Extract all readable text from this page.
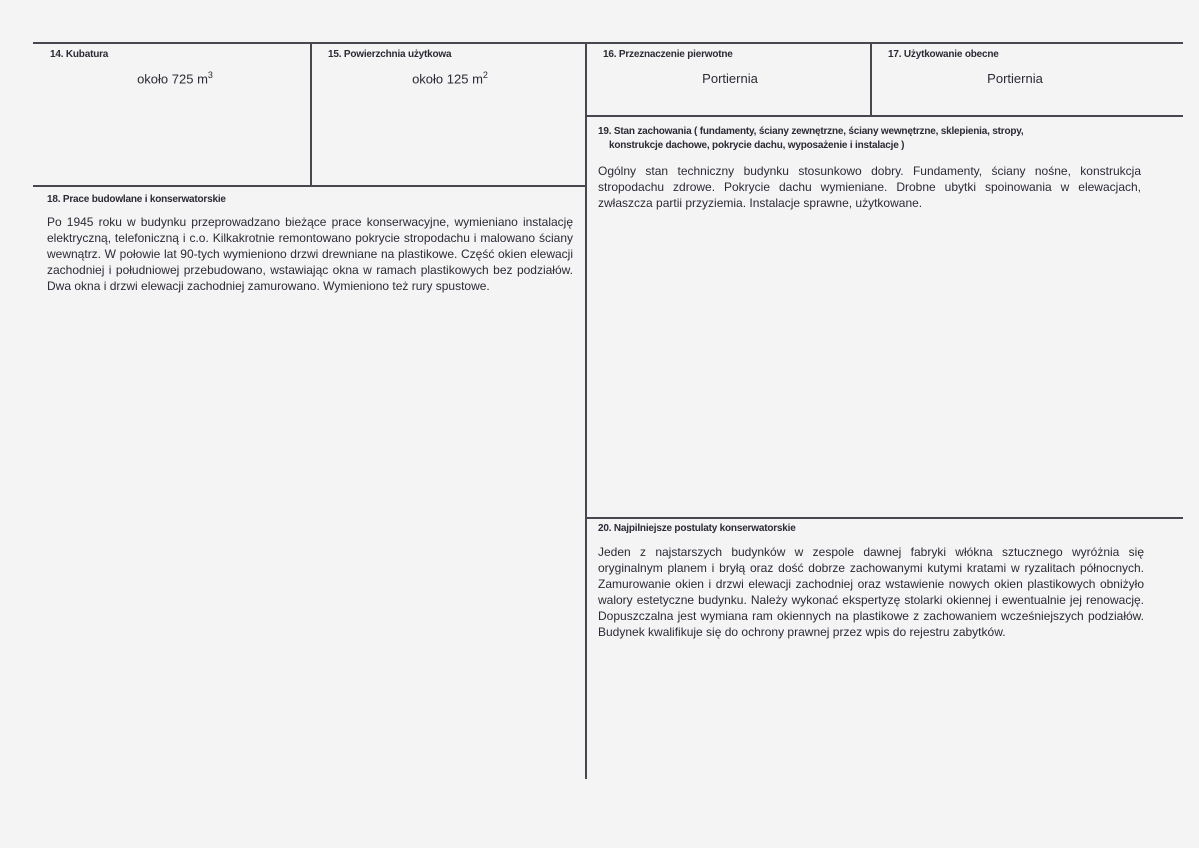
14. Kubatura
około 725 $m^3$
15. Powierzchnia użytkowa
około 125 $m^2$
16. Przeznaczenie pierwotne
Portiernia
17. Użytkowanie obecne
Portiernia
18. Prace budowlane i konserwatorskie
Po 1945 roku w budynku przeprowadzano bieżące prace konserwacyjne, wymieniano instalację elektryczną, telefoniczną i c.o. Kilkakrotnie remontowano pokrycie stropodachu i malowano ściany wewnątrz. W połowie lat 90-tych wymieniono drzwi drewniane na plastikowe. Część okien elewacji zachodniej i południowej przebudowano, wstawiając okna w ramach plastikowych bez podziałów. Dwa okna i drzwi elewacji zachodniej zamurowano. Wymieniono też rury spustowe.
19. Stan zachowania ( fundamenty, ściany zewnętrzne, ściany wewnętrzne, sklepienia, stropy,
konstrukcje dachowe, pokrycie dachu, wyposażenie i instalacje )
Ogólny stan techniczny budynku stosunkowo dobry. Fundamenty, ściany nośne, konstrukcja stropodachu zdrowe. Pokrycie dachu wymieniane. Drobne ubytki spoinowania w elewacjach, zwłaszcza partii przyziemia. Instalacje sprawne, użytkowane.
20. Najpilniejsze postulaty konserwatorskie
Jeden z najstarszych budynków w zespole dawnej fabryki włókna sztucznego wyróżnia się oryginalnym planem i bryłą oraz dość dobrze zachowanymi kutymi kratami w ryzalitach północnych. Zamurowanie okien i drzwi elewacji zachodniej oraz wstawienie nowych okien plastikowych obniżyło walory estetyczne budynku. Należy wykonać ekspertyzę stolarki okiennej i ewentualnie jej renowację. Dopuszczalna jest wymiana ram okiennych na plastikowe z zachowaniem wcześniejszych podziałów. Budynek kwalifikuje się do ochrony prawnej przez wpis do rejestru zabytków.
